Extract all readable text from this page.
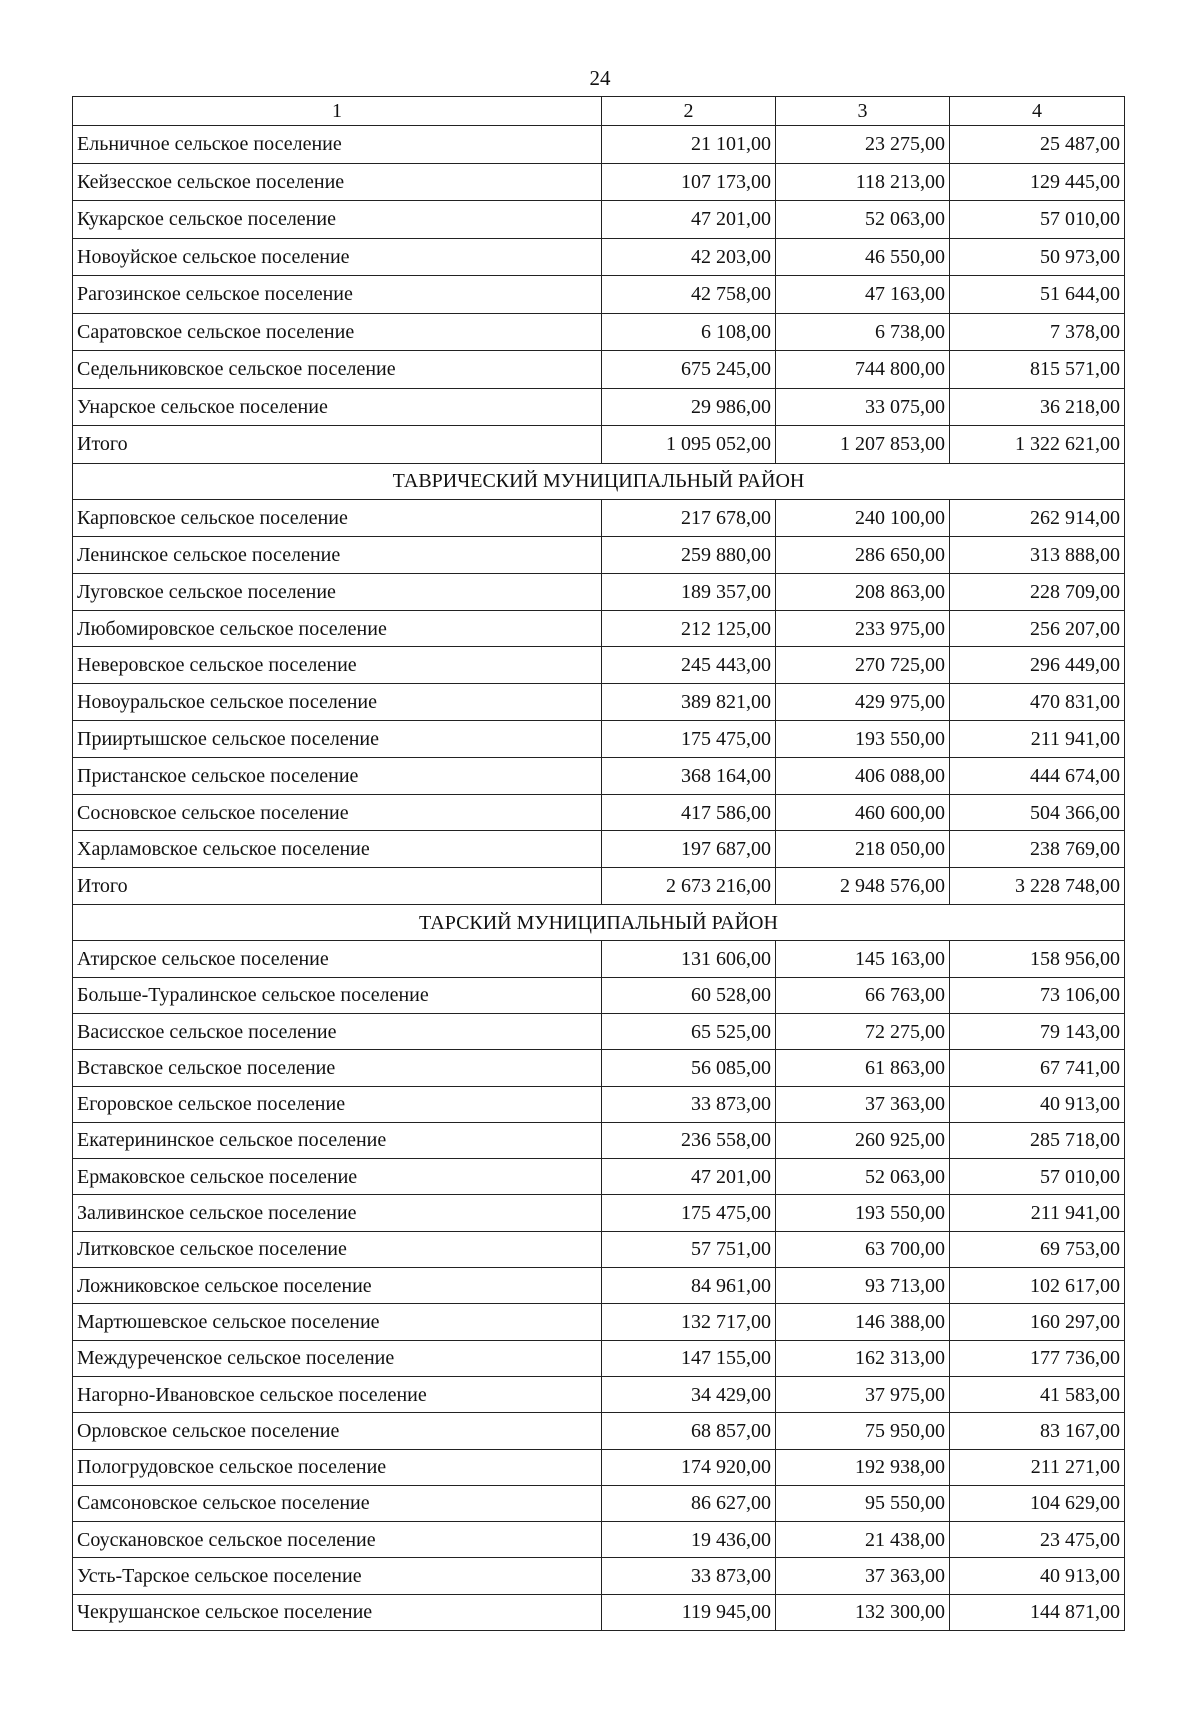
24
1	2	3	4
Ельничное сельское поселение	21 101,00	23 275,00	25 487,00
Кейзесское сельское поселение	107 173,00	118 213,00	129 445,00
Кукарское сельское поселение	47 201,00	52 063,00	57 010,00
Новоуйское сельское поселение	42 203,00	46 550,00	50 973,00
Рагозинское сельское поселение	42 758,00	47 163,00	51 644,00
Саратовское сельское поселение	6 108,00	6 738,00	7 378,00
Седельниковское сельское поселение	675 245,00	744 800,00	815 571,00
Унарское сельское поселение	29 986,00	33 075,00	36 218,00
Итого	1 095 052,00	1 207 853,00	1 322 621,00
ТАВРИЧЕСКИЙ МУНИЦИПАЛЬНЫЙ РАЙОН			
Карповское сельское поселение	217 678,00	240 100,00	262 914,00
Ленинское сельское поселение	259 880,00	286 650,00	313 888,00
Луговское сельское поселение	189 357,00	208 863,00	228 709,00
Любомировское сельское поселение	212 125,00	233 975,00	256 207,00
Неверовское сельское поселение	245 443,00	270 725,00	296 449,00
Новоуральское сельское поселение	389 821,00	429 975,00	470 831,00
Прииртышское сельское поселение	175 475,00	193 550,00	211 941,00
Пристанское сельское поселение	368 164,00	406 088,00	444 674,00
Сосновское сельское поселение	417 586,00	460 600,00	504 366,00
Харламовское сельское поселение	197 687,00	218 050,00	238 769,00
Итого	2 673 216,00	2 948 576,00	3 228 748,00
ТАРСКИЙ МУНИЦИПАЛЬНЫЙ РАЙОН			
Атирское сельское поселение	131 606,00	145 163,00	158 956,00
Больше-Туралинское сельское поселение	60 528,00	66 763,00	73 106,00
Васисское сельское поселение	65 525,00	72 275,00	79 143,00
Вставское сельское поселение	56 085,00	61 863,00	67 741,00
Егоровское сельское поселение	33 873,00	37 363,00	40 913,00
Екатерининское сельское поселение	236 558,00	260 925,00	285 718,00
Ермаковское сельское поселение	47 201,00	52 063,00	57 010,00
Заливинское сельское поселение	175 475,00	193 550,00	211 941,00
Литковское сельское поселение	57 751,00	63 700,00	69 753,00
Ложниковское сельское поселение	84 961,00	93 713,00	102 617,00
Мартюшевское сельское поселение	132 717,00	146 388,00	160 297,00
Междуреченское сельское поселение	147 155,00	162 313,00	177 736,00
Нагорно-Ивановское сельское поселение	34 429,00	37 975,00	41 583,00
Орловское сельское поселение	68 857,00	75 950,00	83 167,00
Пологрудовское сельское поселение	174 920,00	192 938,00	211 271,00
Самсоновское сельское поселение	86 627,00	95 550,00	104 629,00
Соускановское сельское поселение	19 436,00	21 438,00	23 475,00
Усть-Тарское сельское поселение	33 873,00	37 363,00	40 913,00
Чекрушанское сельское поселение	119 945,00	132 300,00	144 871,00
